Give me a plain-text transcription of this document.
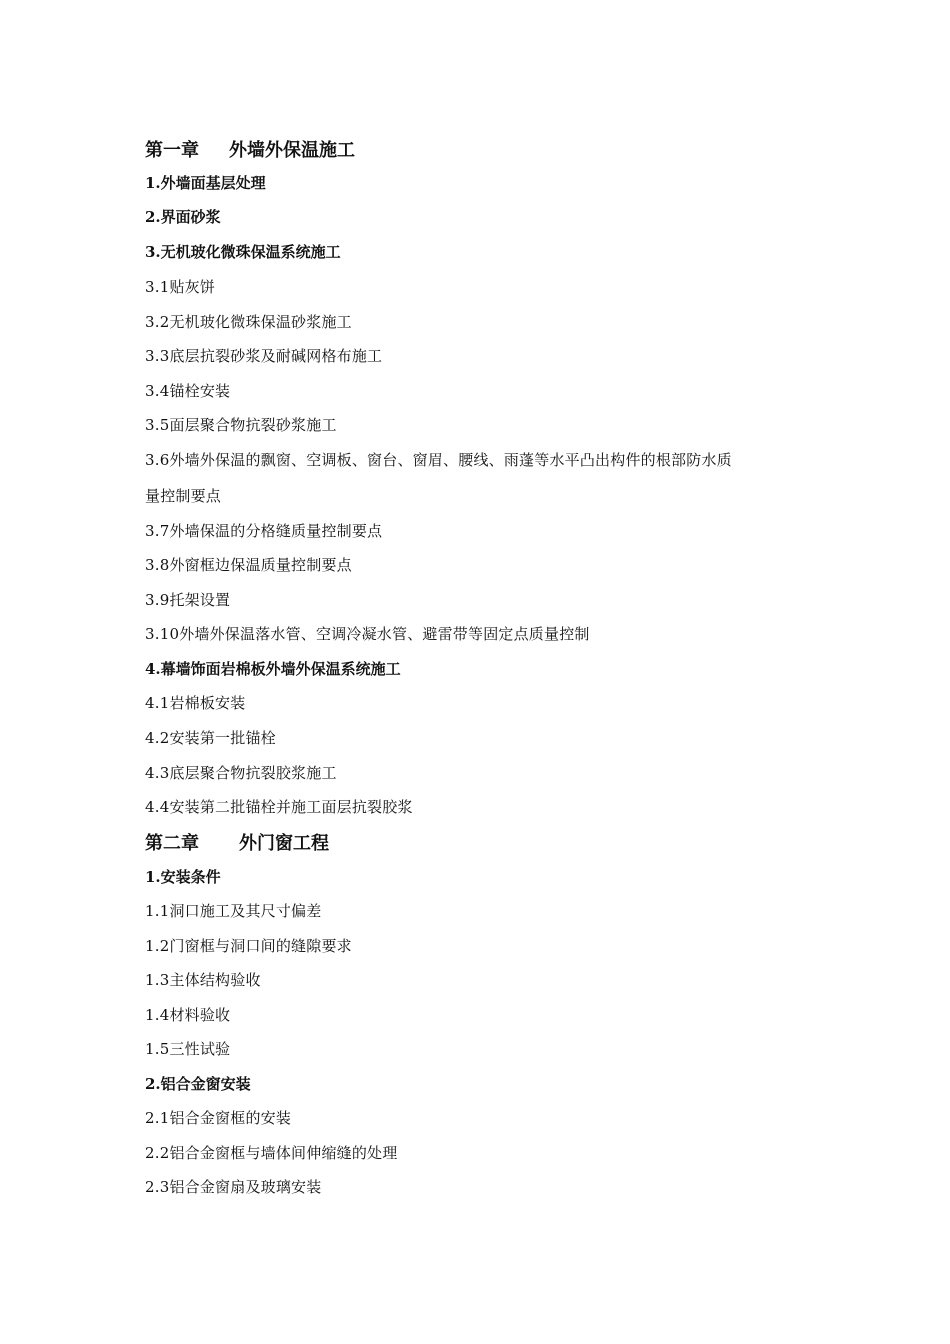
第一章 外墙外保温施工
1.外墙面基层处理
2.界面砂浆
3.无机玻化微珠保温系统施工
3.1贴灰饼
3.2无机玻化微珠保温砂浆施工
3.3底层抗裂砂浆及耐碱网格布施工
3.4锚栓安装
3.5面层聚合物抗裂砂浆施工
3.6外墙外保温的飘窗、空调板、窗台、窗眉、腰线、雨蓬等水平凸出构件的根部防水质
量控制要点
3.7外墙保温的分格缝质量控制要点
3.8外窗框边保温质量控制要点
3.9托架设置
3.10外墙外保温落水管、空调冷凝水管、避雷带等固定点质量控制
4.幕墙饰面岩棉板外墙外保温系统施工
4.1岩棉板安装
4.2安装第一批锚栓
4.3底层聚合物抗裂胶浆施工
4.4安装第二批锚栓并施工面层抗裂胶浆
第二章 外门窗工程
1.安装条件
1.1洞口施工及其尺寸偏差
1.2门窗框与洞口间的缝隙要求
1.3主体结构验收
1.4材料验收
1.5三性试验
2.铝合金窗安装
2.1铝合金窗框的安装
2.2铝合金窗框与墙体间伸缩缝的处理
2.3铝合金窗扇及玻璃安装
